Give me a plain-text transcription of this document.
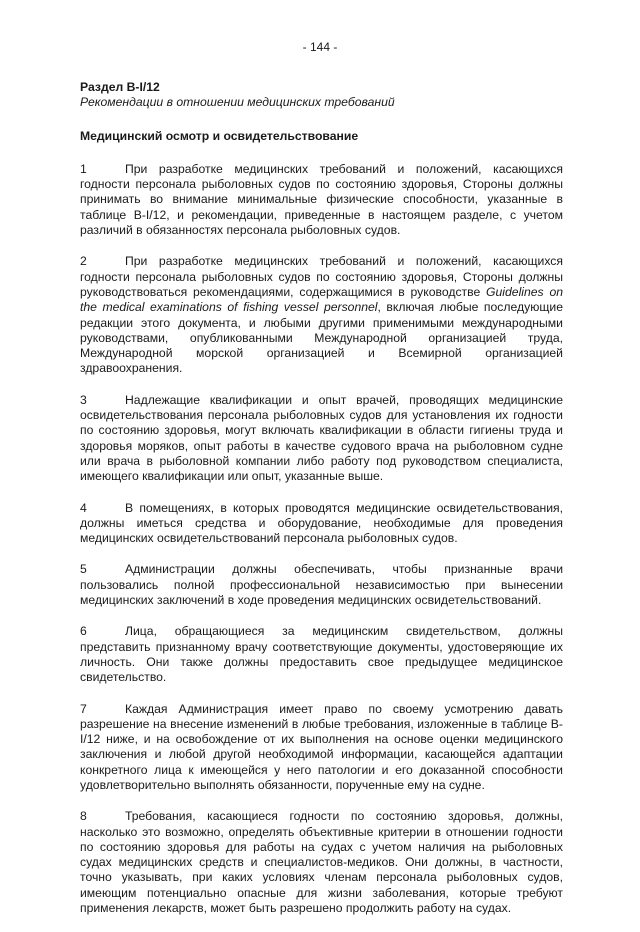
- 144 -

Раздел B-I/12

Рекомендации в отношении медицинских требований

Медицинский осмотр и освидетельствование

1	При разработке медицинских требований и положений, касающихся годности персонала рыболовных судов по состоянию здоровья, Стороны должны принимать во внимание минимальные физические способности, указанные в таблице B-I/12, и рекомендации, приведенные в настоящем разделе, с учетом различий в обязанностях персонала рыболовных судов.

2	При разработке медицинских требований и положений, касающихся годности персонала рыболовных судов по состоянию здоровья, Стороны должны руководствоваться рекомендациями, содержащимися в руководстве Guidelines on the medical examinations of fishing vessel personnel, включая любые последующие редакции этого документа, и любыми другими применимыми международными руководствами, опубликованными Международной организацией труда, Международной морской организацией и Всемирной организацией здравоохранения.

3	Надлежащие квалификации и опыт врачей, проводящих медицинские освидетельствования персонала рыболовных судов для установления их годности по состоянию здоровья, могут включать квалификации в области гигиены труда и здоровья моряков, опыт работы в качестве судового врача на рыболовном судне или врача в рыболовной компании либо работу под руководством специалиста, имеющего квалификации или опыт, указанные выше.

4	В помещениях, в которых проводятся медицинские освидетельствования, должны иметься средства и оборудование, необходимые для проведения медицинских освидетельствований персонала рыболовных судов.

5	Администрации должны обеспечивать, чтобы признанные врачи пользовались полной профессиональной независимостью при вынесении медицинских заключений в ходе проведения медицинских освидетельствований.

6	Лица, обращающиеся за медицинским свидетельством, должны представить признанному врачу соответствующие документы, удостоверяющие их личность. Они также должны предоставить свое предыдущее медицинское свидетельство.

7	Каждая Администрация имеет право по своему усмотрению давать разрешение на внесение изменений в любые требования, изложенные в таблице B-I/12 ниже, и на освобождение от их выполнения на основе оценки медицинского заключения и любой другой необходимой информации, касающейся адаптации конкретного лица к имеющейся у него патологии и его доказанной способности удовлетворительно выполнять обязанности, порученные ему на судне.

8	Требования, касающиеся годности по состоянию здоровья, должны, насколько это возможно, определять объективные критерии в отношении годности по состоянию здоровья для работы на судах с учетом наличия на рыболовных судах медицинских средств и специалистов-медиков. Они должны, в частности, точно указывать, при каких условиях членам персонала рыболовных судов, имеющим потенциально опасные для жизни заболевания, которые требуют применения лекарств, может быть разрешено продолжить работу на судах.
